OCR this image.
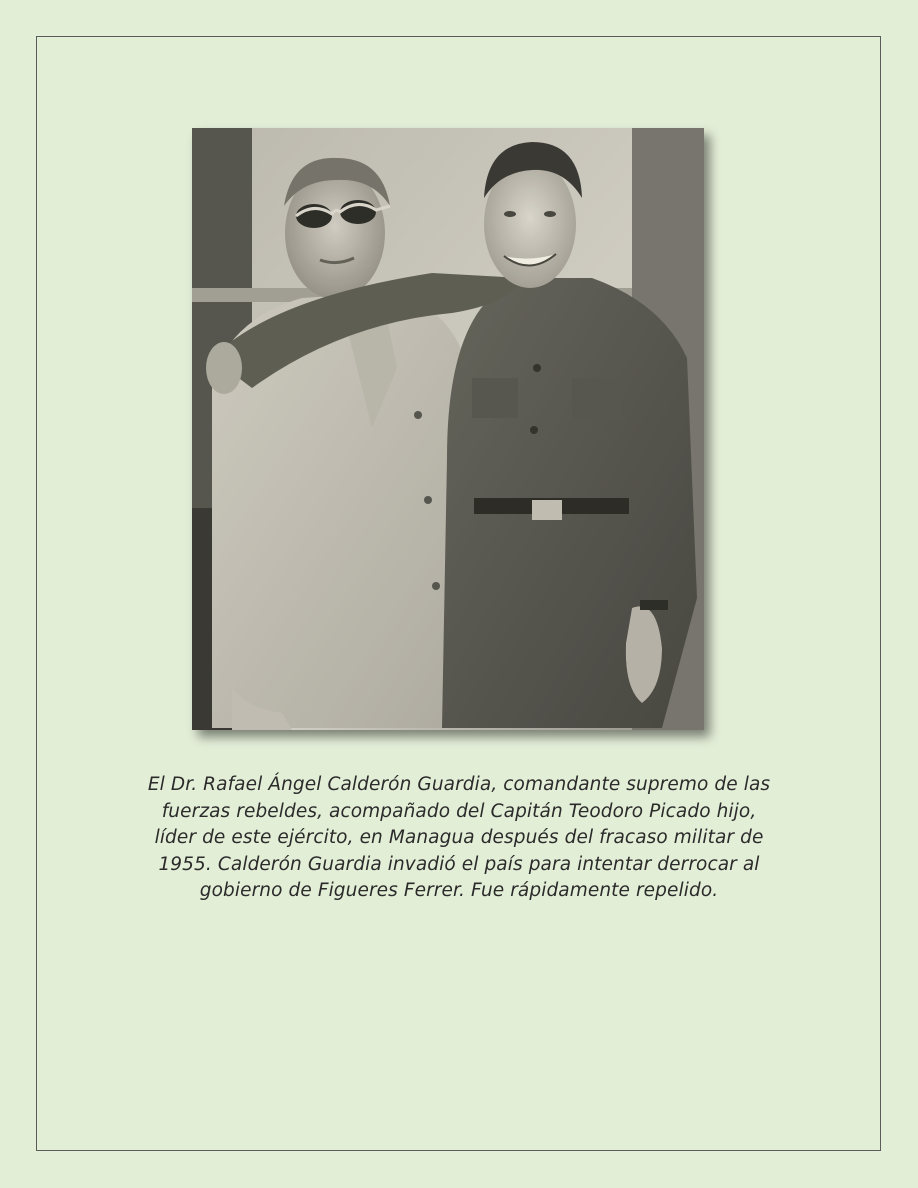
El Dr. Rafael Ángel Calderón Guardia, comandante supremo de las
fuerzas rebeldes, acompañado del Capitán Teodoro Picado hijo,
líder de este ejército, en Managua después del fracaso militar de
1955. Calderón Guardia invadió el país para intentar derrocar al
gobierno de Figueres Ferrer. Fue rápidamente repelido.
